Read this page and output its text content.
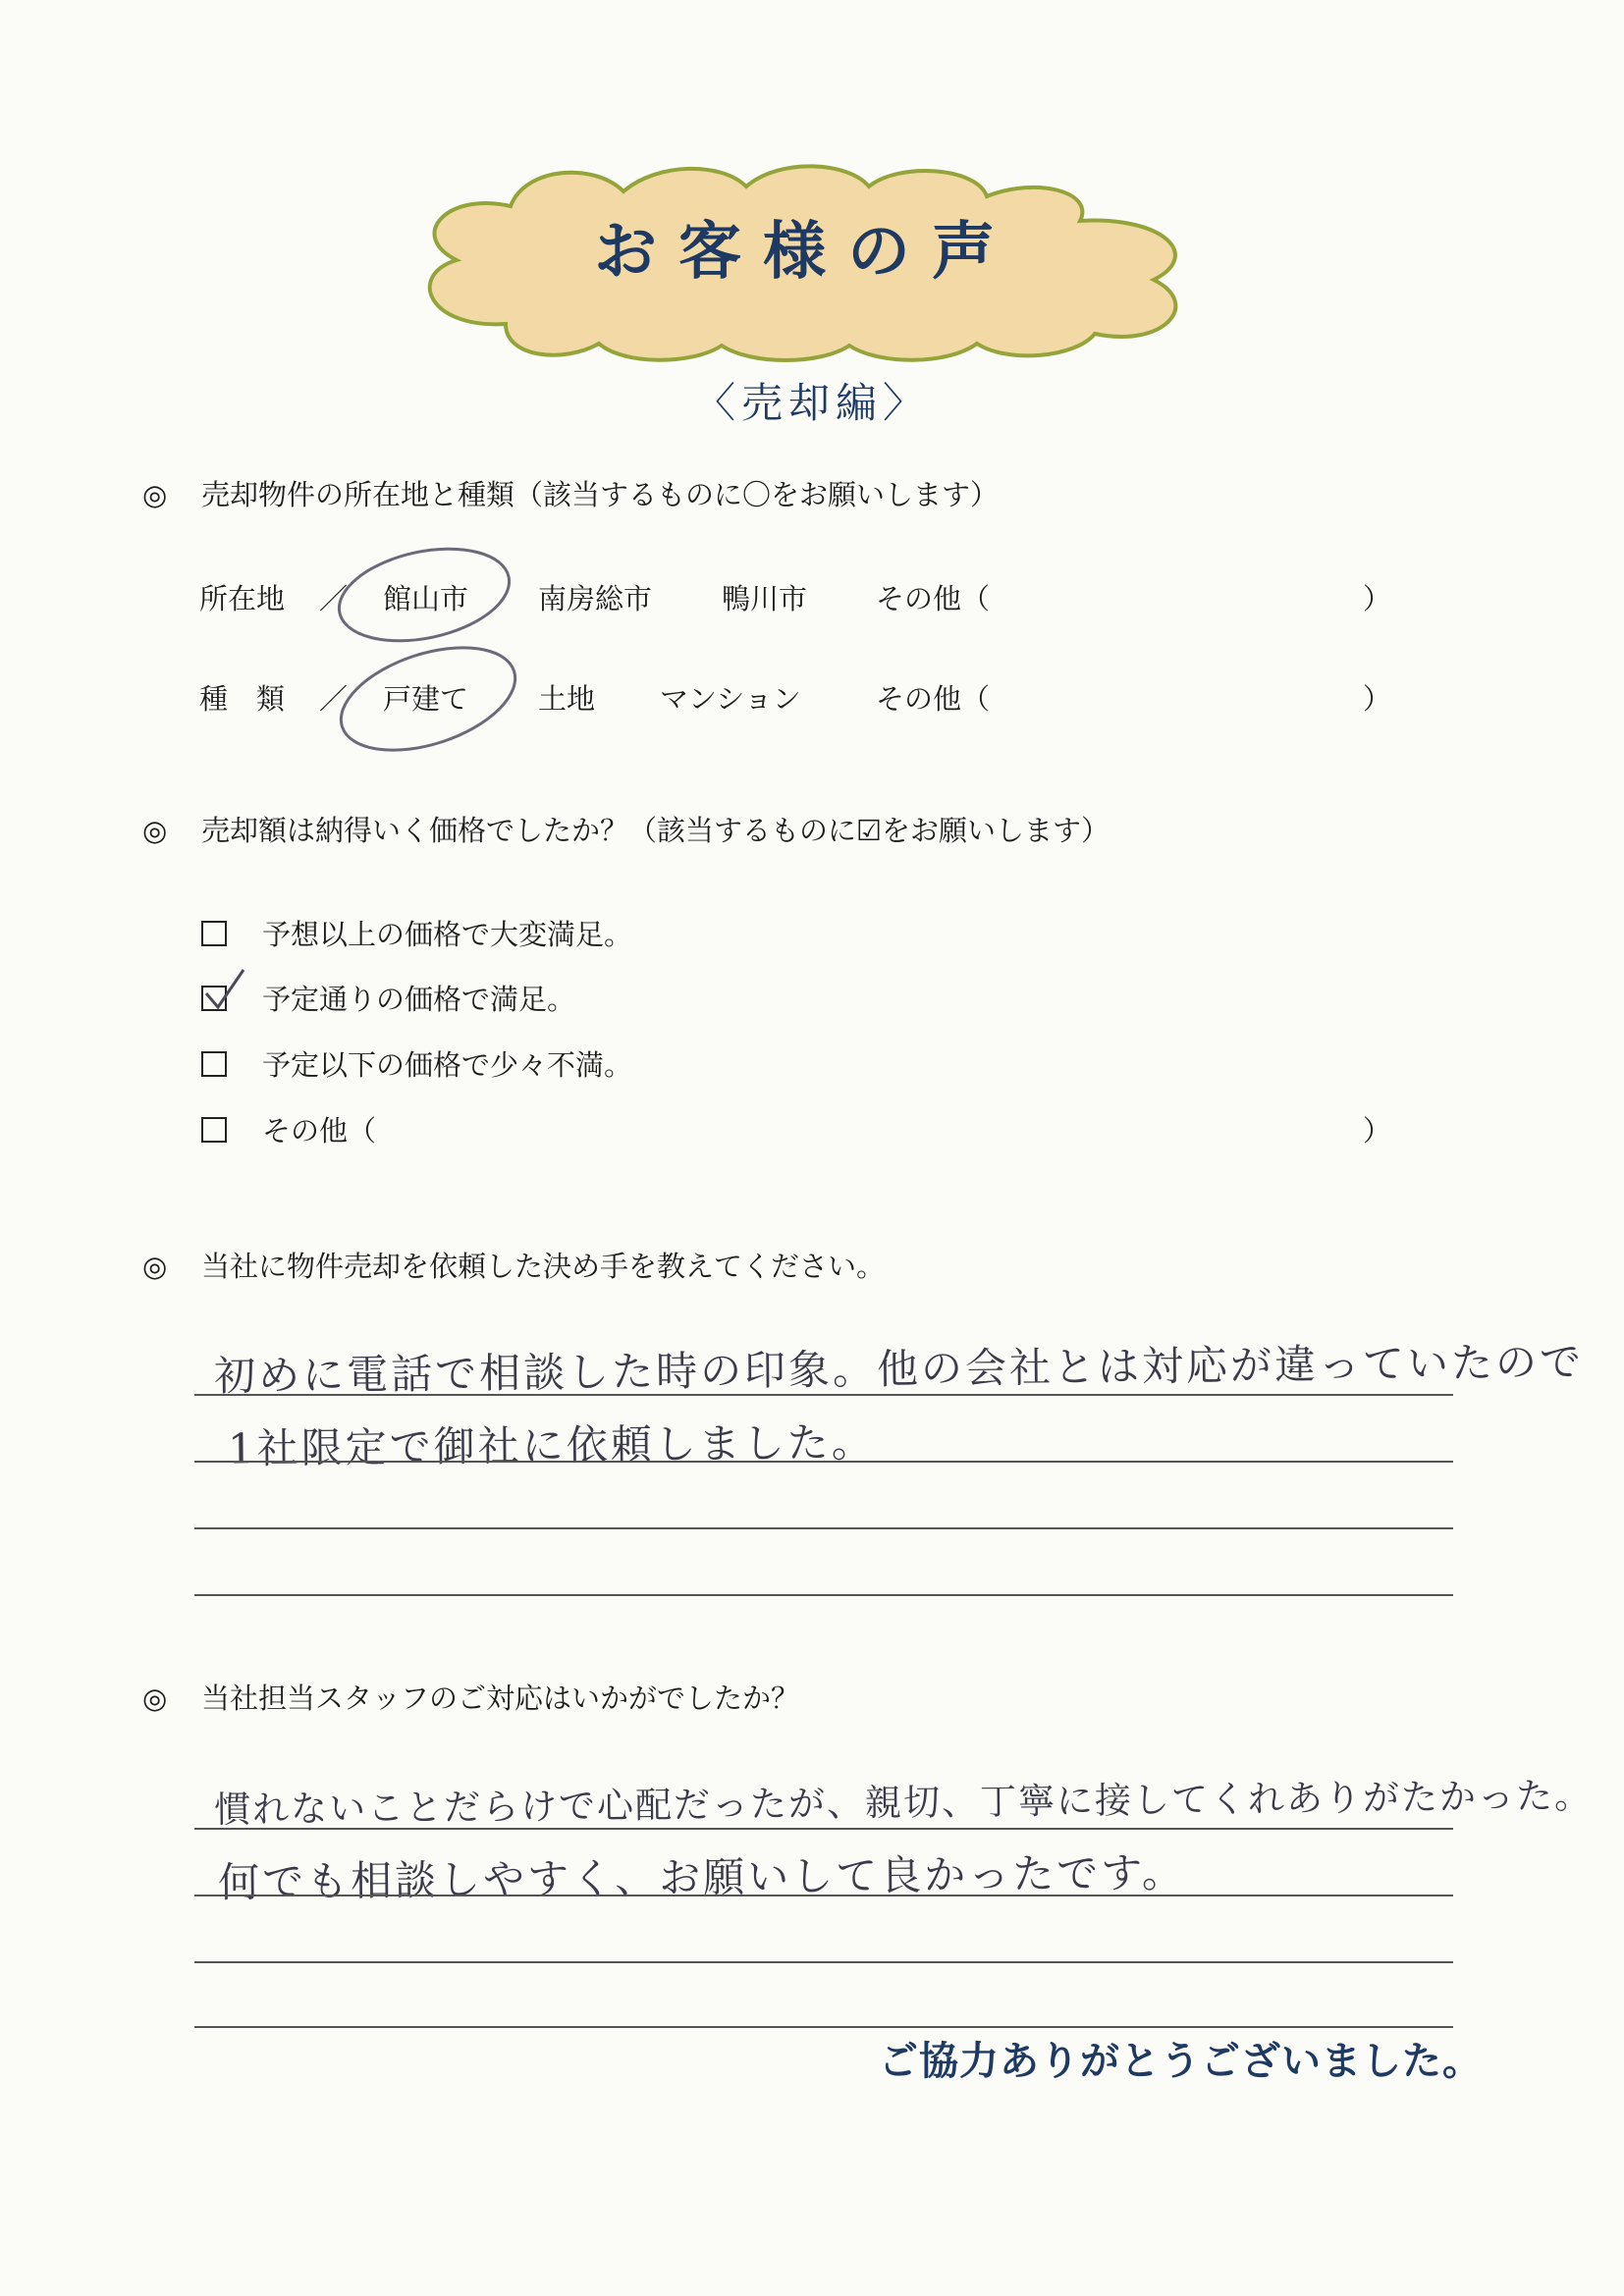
お客様の声
〈売却編〉
◎ 売却物件の所在地と種類（該当するものに〇をお願いします）
所在地 ／ 館山市 南房総市 鴨川市 その他（	）
種　類 ／ 戸建て 土地 マンション	その他（	）
◎ 売却額は納得いく価格でしたか？（該当するものに☑をお願いします）
予想以上の価格で大変満足。
予定通りの価格で満足。
予定以下の価格で少々不満。
その他（	）
◎ 当社に物件売却を依頼した決め手を教えてください。
初めに電話で相談した時の印象。他の会社とは対応が違っていたので
1社限定で御社に依頼しました。
◎ 当社担当スタッフのご対応はいかがでしたか？
慣れないことだらけで心配だったが、親切、丁寧に接してくれありがたかった。
何でも相談しやすく、お願いして良かったです。
ご協力ありがとうございました。
